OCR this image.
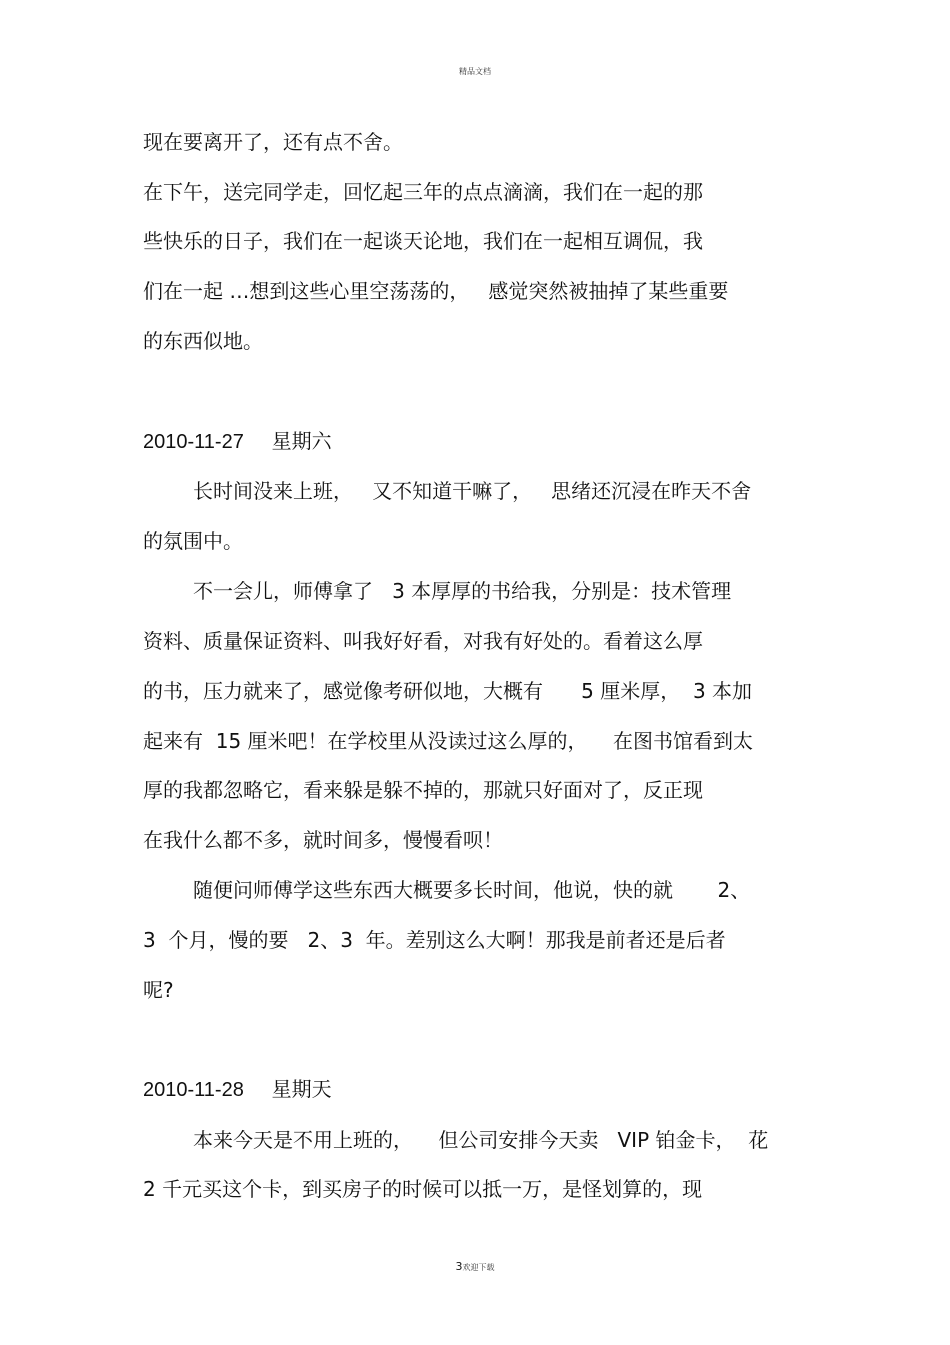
精品文档
现在要离开了，还有点不舍。
在下午，送完同学走，回忆起三年的点点滴滴，我们在一起的那
些快乐的日子，我们在一起谈天论地，我们在一起相互调侃，我
们在一起 …想到这些心里空荡荡的，   感觉突然被抽掉了某些重要
的东西似地。
2010-11-27     星期六
长时间没来上班，   又不知道干嘛了，   思绪还沉浸在昨天不舍
的氛围中。
不一会儿，师傅拿了   3 本厚厚的书给我，分别是：技术管理
资料、质量保证资料、叫我好好看，对我有好处的。看着这么厚
的书，压力就来了，感觉像考研似地，大概有      5 厘米厚，  3 本加
起来有  15 厘米吧！在学校里从没读过这么厚的，    在图书馆看到太
厚的我都忽略它，看来躲是躲不掉的，那就只好面对了，反正现
在我什么都不多，就时间多，慢慢看呗！
随便问师傅学这些东西大概要多长时间，他说，快的就       2、
3  个月，慢的要   2、3  年。差别这么大啊！那我是前者还是后者
呢?
2010-11-28     星期天
本来今天是不用上班的，    但公司安排今天卖   VIP 铂金卡，  花
2 千元买这个卡，到买房子的时候可以抵一万，是怪划算的，现
3欢迎下载
